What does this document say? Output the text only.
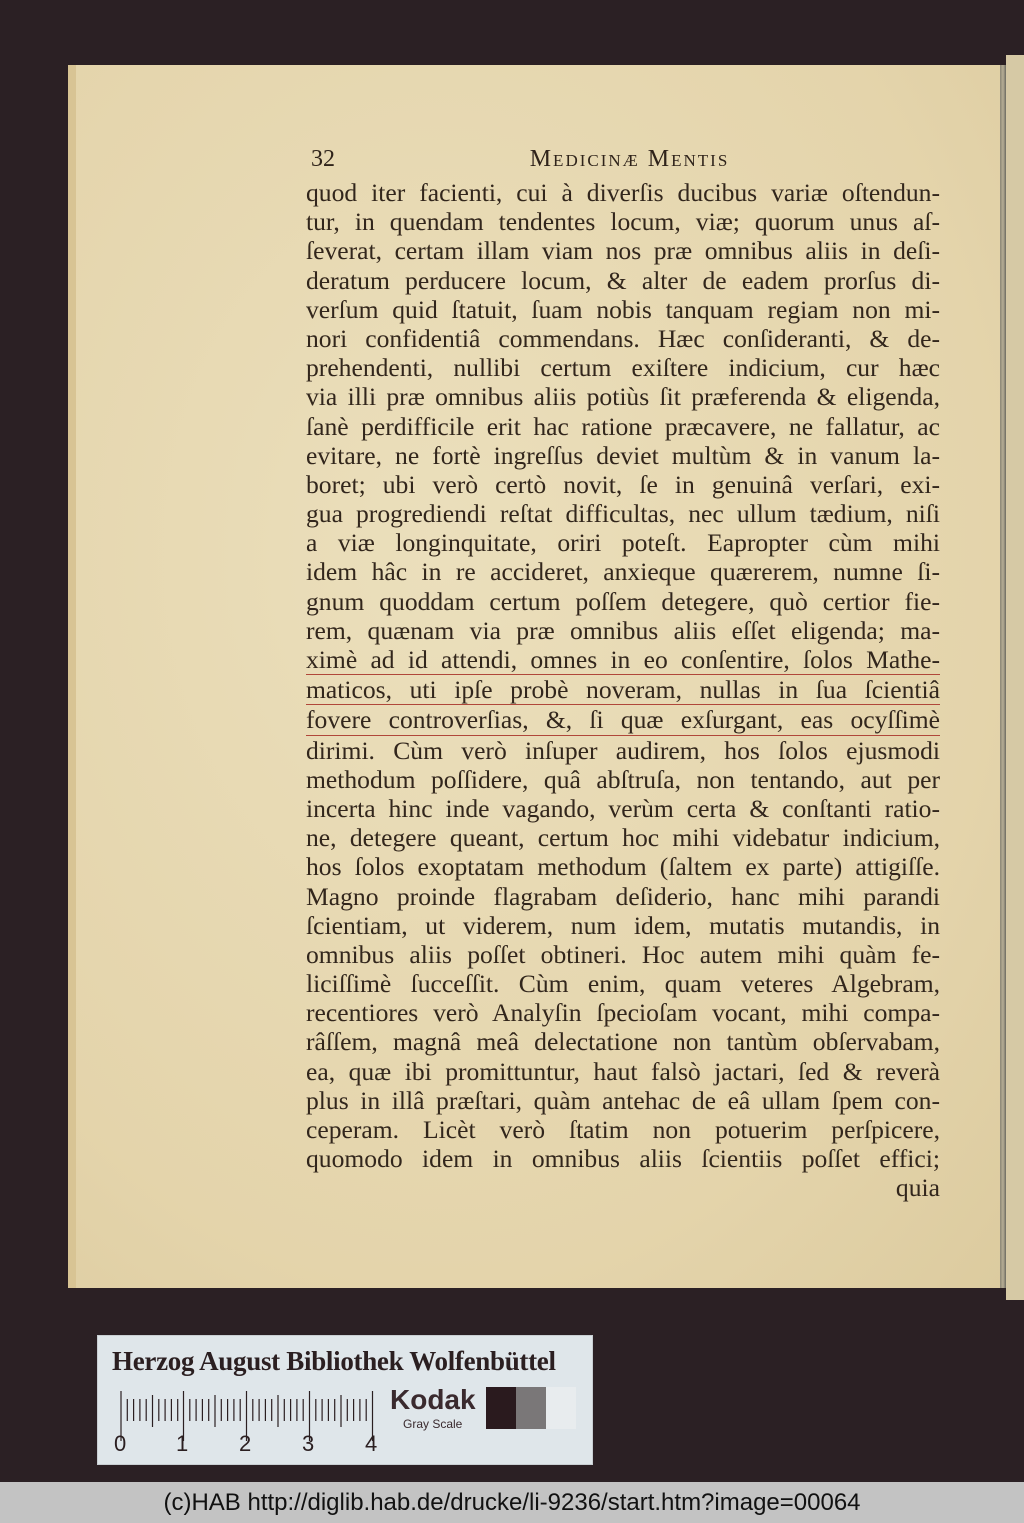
32	Medicinæ Mentis
quod iter facienti, cui à diverſis ducibus variæ oſtendun-
tur, in quendam tendentes locum, viæ; quorum unus aſ-
ſeverat, certam illam viam nos præ omnibus aliis in deſi-
deratum perducere locum, & alter de eadem prorſus di-
verſum quid ſtatuit, ſuam nobis tanquam regiam non mi-
nori confidentiâ commendans. Hæc conſideranti, & de-
prehendenti, nullibi certum exiſtere indicium, cur hæc
via illi præ omnibus aliis potiùs ſit præferenda & eligenda,
ſanè perdifficile erit hac ratione præcavere, ne fallatur, ac
evitare, ne fortè ingreſſus deviet multùm & in vanum la-
boret; ubi verò certò novit, ſe in genuinâ verſari, exi-
gua progrediendi reſtat difficultas, nec ullum tædium, niſi
a viæ longinquitate, oriri poteſt. Eapropter cùm mihi
idem hâc in re accideret, anxieque quærerem, numne ſi-
gnum quoddam certum poſſem detegere, quò certior fie-
rem, quænam via præ omnibus aliis eſſet eligenda; ma-
ximè ad id attendi, omnes in eo conſentire, ſolos Mathe-
maticos, uti ipſe probè noveram, nullas in ſua ſcientiâ
fovere controverſias, &, ſi quæ exſurgant, eas ocyſſimè
dirimi. Cùm verò inſuper audirem, hos ſolos ejusmodi
methodum poſſidere, quâ abſtruſa, non tentando, aut per
incerta hinc inde vagando, verùm certa & conſtanti ratio-
ne, detegere queant, certum hoc mihi videbatur indicium,
hos ſolos exoptatam methodum (ſaltem ex parte) attigiſſe.
Magno proinde flagrabam deſiderio, hanc mihi parandi
ſcientiam, ut viderem, num idem, mutatis mutandis, in
omnibus aliis poſſet obtineri. Hoc autem mihi quàm fe-
liciſſimè ſucceſſit. Cùm enim, quam veteres Algebram,
recentiores verò Analyſin ſpecioſam vocant, mihi compa-
râſſem, magnâ meâ delectatione non tantùm obſervabam,
ea, quæ ibi promittuntur, haut falsò jactari, ſed & reverà
plus in illâ præſtari, quàm antehac de eâ ullam ſpem con-
ceperam. Licèt verò ſtatim non potuerim perſpicere,
quomodo idem in omnibus aliis ſcientiis poſſet effici;
quia
Herzog August Bibliothek Wolfenbüttel
0 1 2 3 4
Kodak
Gray Scale
(c)HAB http://diglib.hab.de/drucke/li-9236/start.htm?image=00064
